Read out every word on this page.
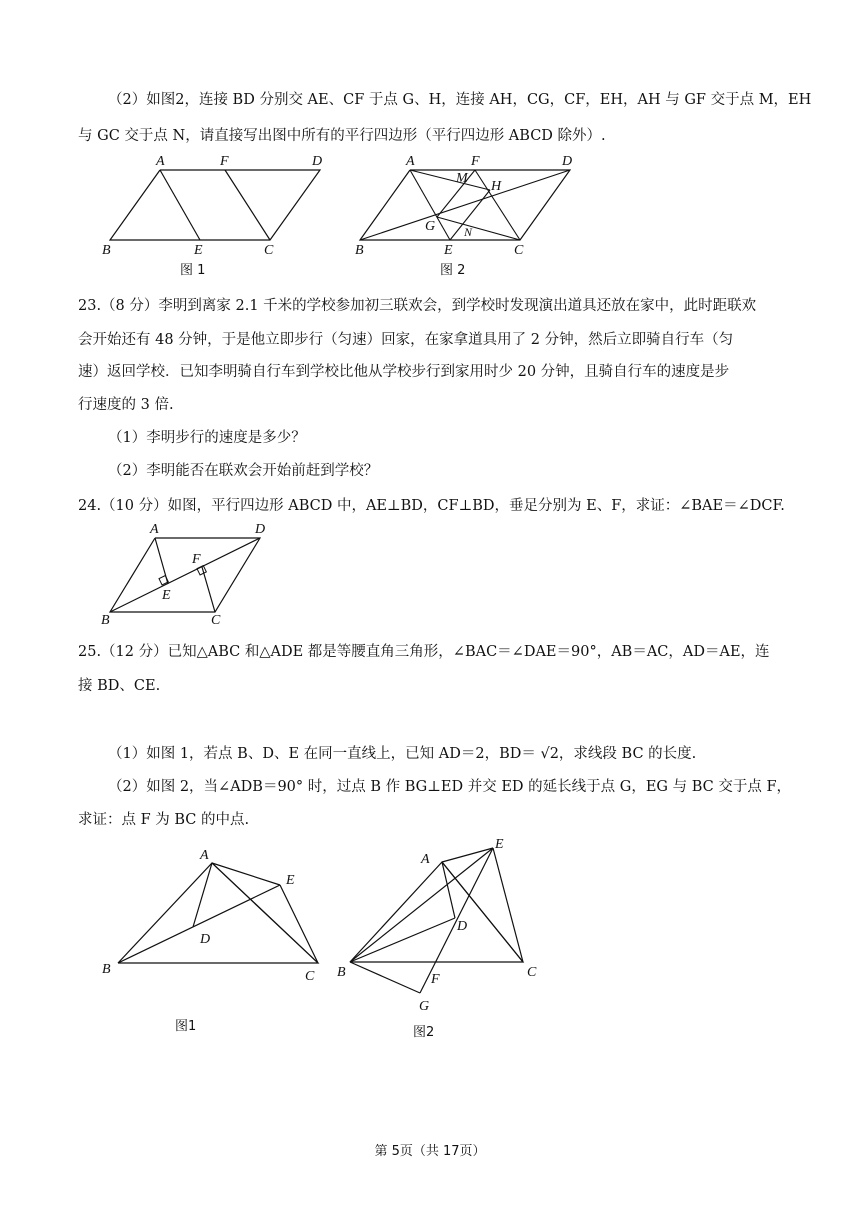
（2）如图2，连接 BD 分别交 AE、CF 于点 G、H，连接 AH，CG，CF，EH，AH 与 GF 交于点 M，EH
与 GC 交于点 N，请直接写出图中所有的平行四边形（平行四边形 ABCD 除外）.
A	F	D
B	E	C
图 1
A	F	D
M
H
G N
B	E	C
图 2
23.（8 分）李明到离家 2.1 千米的学校参加初三联欢会，到学校时发现演出道具还放在家中，此时距联欢
会开始还有 48 分钟，于是他立即步行（匀速）回家，在家拿道具用了 2 分钟，然后立即骑自行车（匀
速）返回学校．已知李明骑自行车到学校比他从学校步行到家用时少 20 分钟，且骑自行车的速度是步
行速度的 3 倍.
（1）李明步行的速度是多少？
（2）李明能否在联欢会开始前赶到学校？
24.（10 分）如图，平行四边形 ABCD 中，AE⊥BD，CF⊥BD，垂足分别为 E、F，求证：∠BAE＝∠DCF.
A	D
F
E
B	C
25.（12 分）已知△ABC 和△ADE 都是等腰直角三角形，∠BAC＝∠DAE＝90°，AB＝AC，AD＝AE，连
接 BD、CE.
（1）如图 1，若点 B、D、E 在同一直线上，已知 AD＝2，BD＝ √2，求线段 BC 的长度.
（2）如图 2，当∠ADB＝90° 时，过点 B 作 BG⊥ED 并交 ED 的延长线于点 G，EG 与 BC 交于点 F，
求证：点 F 为 BC 的中点.
A
E
D
B	C
图1
A
E
D
B	F	C
G
图2
第 5页（共 17页）
